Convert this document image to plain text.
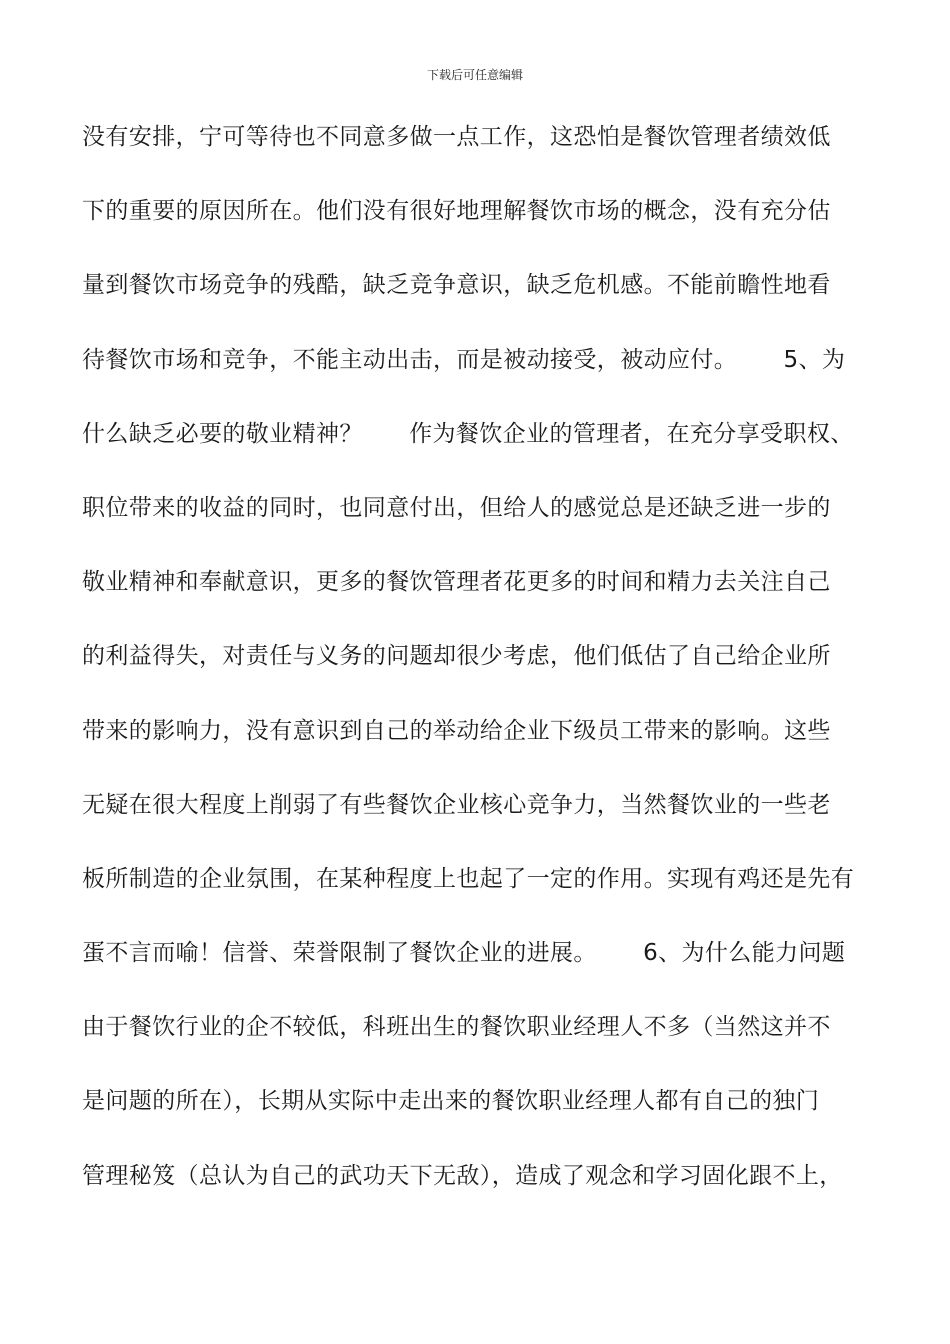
下载后可任意编辑
没有安排，宁可等待也不同意多做一点工作，这恐怕是餐饮管理者绩效低
下的重要的原因所在。他们没有很好地理解餐饮市场的概念，没有充分估
量到餐饮市场竞争的残酷，缺乏竞争意识，缺乏危机感。不能前瞻性地看
待餐饮市场和竞争，不能主动出击，而是被动接受，被动应付。      5、为
什么缺乏必要的敬业精神？      作为餐饮企业的管理者，在充分享受职权、
职位带来的收益的同时，也同意付出，但给人的感觉总是还缺乏进一步的
敬业精神和奉献意识，更多的餐饮管理者花更多的时间和精力去关注自己
的利益得失，对责任与义务的问题却很少考虑，他们低估了自己给企业所
带来的影响力，没有意识到自己的举动给企业下级员工带来的影响。这些
无疑在很大程度上削弱了有些餐饮企业核心竞争力，当然餐饮业的一些老
板所制造的企业氛围，在某种程度上也起了一定的作用。实现有鸡还是先有
蛋不言而喻！信誉、荣誉限制了餐饮企业的进展。      6、为什么能力问题
由于餐饮行业的企不较低，科班出生的餐饮职业经理人不多（当然这并不
是问题的所在），长期从实际中走出来的餐饮职业经理人都有自己的独门
管理秘笈（总认为自己的武功天下无敌），造成了观念和学习固化跟不上，
